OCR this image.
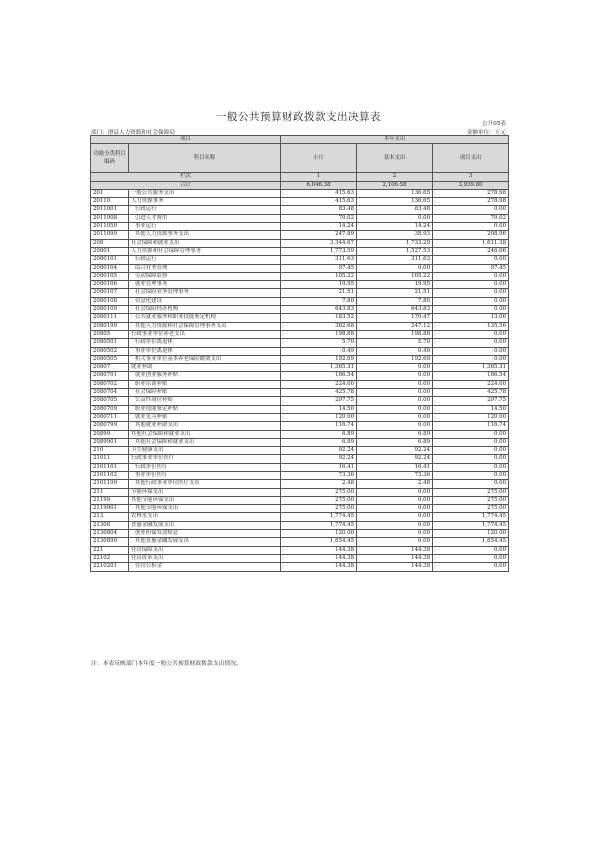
一般公共预算财政拨款支出决算表
公开05表
部门：滑县人力资源和社会保障局	金额单位：万元
项目		本年支出		
功能分类科目编码	科目名称	小计	基本支出	项目支出
栏次		1	2	3
合计		6,046.38	2,106.58	3,939.80
201	一般公共服务支出	415.63	136.65	278.98
20110	人力资源事务	415.63	136.65	278.98
2011001	行政运行	83.48	83.48	0.00
2011008	引进人才费用	70.02	0.00	70.02
2011050	事业运行	14.24	14.24	0.00
2011099	其他人力资源事务支出	247.89	38.93	208.96
208	社会保障和就业支出	3,344.67	1,733.29	1,611.38
20801	人力资源和社会保障管理事务	1,773.59	1,527.53	246.06
2080101	行政运行	311.63	311.63	0.00
2080104	综合业务管理	97.45	0.00	97.45
2080105	劳动保障监察	105.22	105.22	0.00
2080106	就业管理事务	19.95	19.95	0.00
2080107	社会保险业务管理事务	21.51	21.51	0.00
2080108	信息化建设	7.80	7.80	0.00
2080109	社会保险经办机构	643.83	643.83	0.00
2080111	公共就业服务和职业技能鉴定机构	183.52	170.47	13.06
2080199	其他人力资源和社会保障管理事务支出	382.68	247.12	135.56
20805	行政事业单位养老支出	198.88	198.88	0.00
2080501	行政单位离退休	5.70	5.70	0.00
2080502	事业单位离退休	0.49	0.49	0.00
2080505	机关事业单位基本养老保险缴费支出	192.69	192.69	0.00
20807	就业补助	1,365.31	0.00	1,365.31
2080701	就业创业服务补贴	166.54	0.00	166.54
2080702	职业培训补贴	224.00	0.00	224.00
2080704	社会保险补贴	425.78	0.00	425.78
2080705	公益性岗位补贴	297.75	0.00	297.75
2080709	职业技能鉴定补贴	14.50	0.00	14.50
2080711	就业见习补贴	120.00	0.00	120.00
2080799	其他就业补助支出	116.74	0.00	116.74
20899	其他社会保障和就业支出	6.89	6.89	0.00
2089901	其他社会保障和就业支出	6.89	6.89	0.00
210	卫生健康支出	92.24	92.24	0.00
21011	行政事业单位医疗	92.24	92.24	0.00
2101101	行政单位医疗	16.41	16.41	0.00
2101102	事业单位医疗	73.36	73.36	0.00
2101199	其他行政事业单位医疗支出	2.48	2.48	0.00
211	节能环保支出	275.00	0.00	275.00
21199	其他节能环保支出	275.00	0.00	275.00
2119901	其他节能环保支出	275.00	0.00	275.00
213	农林水支出	1,774.45	0.00	1,774.45
21308	普惠金融发展支出	1,774.45	0.00	1,774.45
2130804	创业担保贷款贴息	120.00	0.00	120.00
2130899	其他普惠金融发展支出	1,654.45	0.00	1,654.45
221	住房保障支出	144.38	144.38	0.00
22102	住房改革支出	144.38	144.38	0.00
2210201	住房公积金	144.38	144.38	0.00
注：本表反映部门本年度一般公共预算财政拨款支出情况。
